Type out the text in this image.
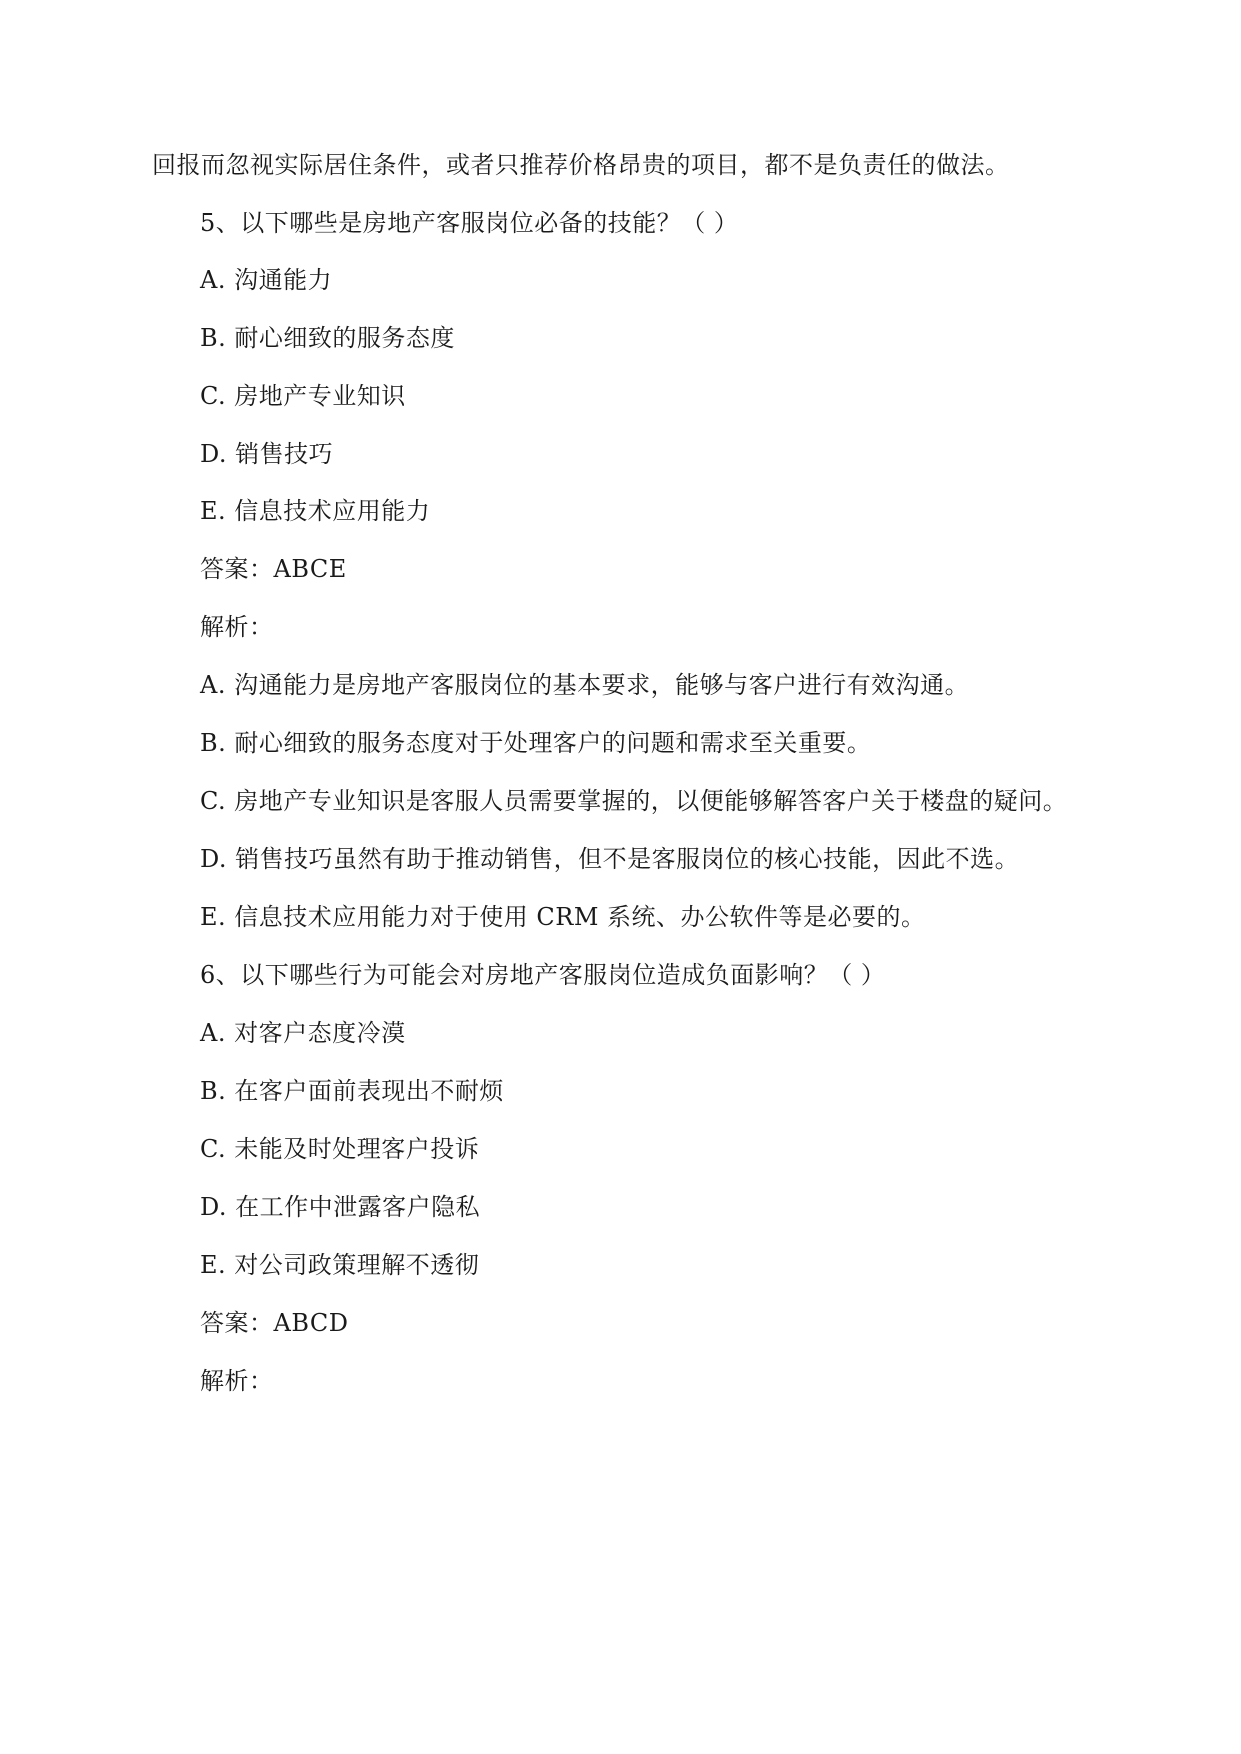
回报而忽视实际居住条件，或者只推荐价格昂贵的项目，都不是负责任的做法。
5、以下哪些是房地产客服岗位必备的技能？（ ）
A. 沟通能力
B. 耐心细致的服务态度
C. 房地产专业知识
D. 销售技巧
E. 信息技术应用能力
答案：ABCE
解析：
A. 沟通能力是房地产客服岗位的基本要求，能够与客户进行有效沟通。
B. 耐心细致的服务态度对于处理客户的问题和需求至关重要。
C. 房地产专业知识是客服人员需要掌握的，以便能够解答客户关于楼盘的疑问。
D. 销售技巧虽然有助于推动销售，但不是客服岗位的核心技能，因此不选。
E. 信息技术应用能力对于使用 CRM 系统、办公软件等是必要的。
6、以下哪些行为可能会对房地产客服岗位造成负面影响？（ ）
A. 对客户态度冷漠
B. 在客户面前表现出不耐烦
C. 未能及时处理客户投诉
D. 在工作中泄露客户隐私
E. 对公司政策理解不透彻
答案：ABCD
解析：
